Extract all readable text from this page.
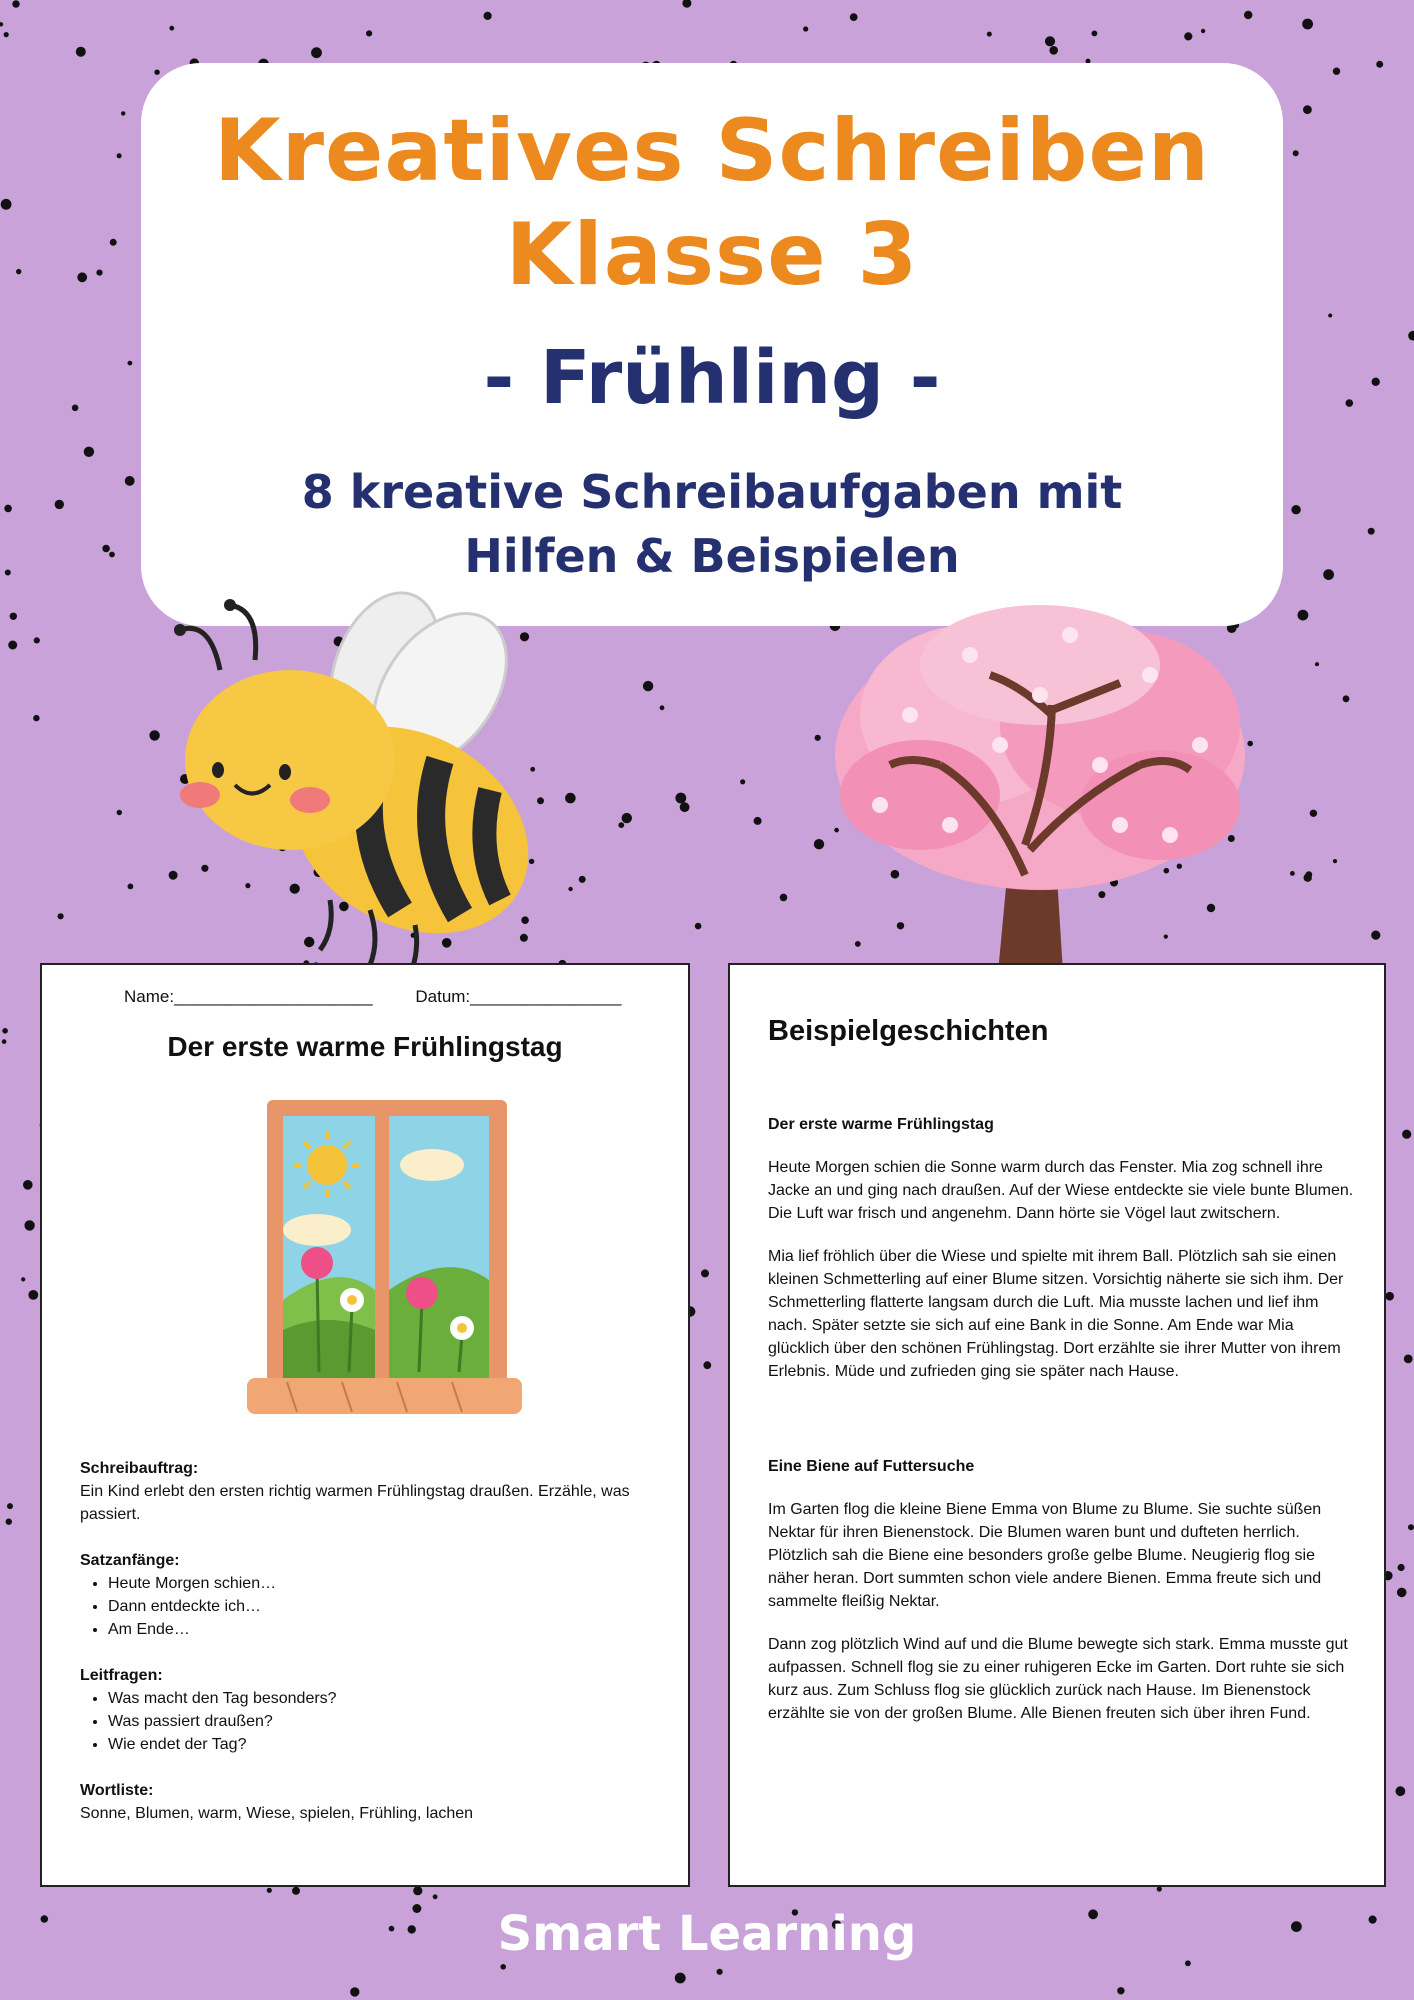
Kreatives Schreiben
Klasse 3
- Frühling -
8 kreative Schreibaufgaben mit
Hilfen & Beispielen
Name:_____________________	Datum:________________
Der erste warme Frühlingstag
Schreibauftrag:
Ein Kind erlebt den ersten richtig warmen Frühlingstag draußen. Erzähle, was passiert.
Satzanfänge:
• Heute Morgen schien…
• Dann entdeckte ich…
• Am Ende…
Leitfragen:
• Was macht den Tag besonders?
• Was passiert draußen?
• Wie endet der Tag?
Wortliste:
Sonne, Blumen, warm, Wiese, spielen, Frühling, lachen
Beispielgeschichten

Der erste warme Frühlingstag

Heute Morgen schien die Sonne warm durch das Fenster. Mia zog schnell ihre Jacke an und ging nach draußen. Auf der Wiese entdeckte sie viele bunte Blumen. Die Luft war frisch und angenehm. Dann hörte sie Vögel laut zwitschern.

Mia lief fröhlich über die Wiese und spielte mit ihrem Ball. Plötzlich sah sie einen kleinen Schmetterling auf einer Blume sitzen. Vorsichtig näherte sie sich ihm. Der Schmetterling flatterte langsam durch die Luft. Mia musste lachen und lief ihm nach. Später setzte sie sich auf eine Bank in die Sonne. Am Ende war Mia glücklich über den schönen Frühlingstag. Dort erzählte sie ihrer Mutter von ihrem Erlebnis. Müde und zufrieden ging sie später nach Hause.

Eine Biene auf Futtersuche

Im Garten flog die kleine Biene Emma von Blume zu Blume. Sie suchte süßen Nektar für ihren Bienenstock. Die Blumen waren bunt und dufteten herrlich. Plötzlich sah die Biene eine besonders große gelbe Blume. Neugierig flog sie näher heran. Dort summten schon viele andere Bienen. Emma freute sich und sammelte fleißig Nektar.

Dann zog plötzlich Wind auf und die Blume bewegte sich stark. Emma musste gut aufpassen. Schnell flog sie zu einer ruhigeren Ecke im Garten. Dort ruhte sie sich kurz aus. Zum Schluss flog sie glücklich zurück nach Hause. Im Bienenstock erzählte sie von der großen Blume. Alle Bienen freuten sich über ihren Fund.

Smart Learning
